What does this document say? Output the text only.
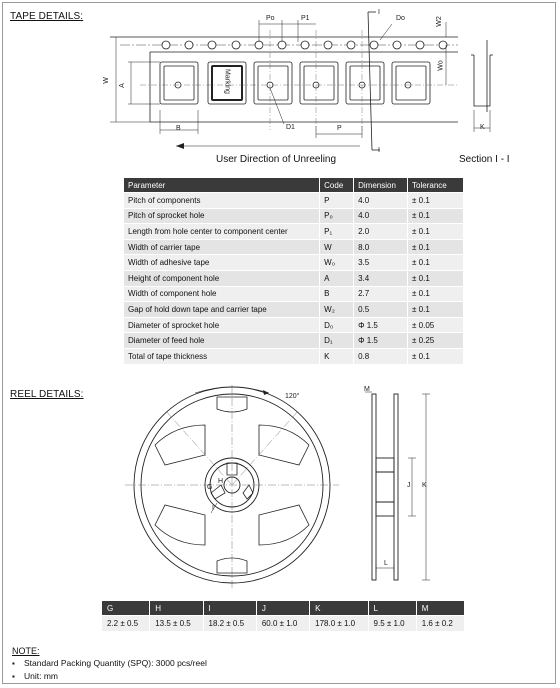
TAPE DETAILS:	Po	P1
I
Do	W2
W
A
Wo
B	D1	P
I
K
Marking
User Direction of Unreeling	Section I - I
Parameter	Code	Dimension	Tolerance
Pitch of components	P	4.0	± 0.1
Pitch of sprocket hole	P₀	4.0	± 0.1
Length from hole center to component center	P₁	2.0	± 0.1
Width of carrier tape	W	8.0	± 0.1
Width of adhesive tape	W₀	3.5	± 0.1
Height of component hole	A	3.4	± 0.1
Width of component hole	B	2.7	± 0.1
Gap of hold down tape and carrier tape	W₂	0.5	± 0.1
Diameter of sprocket hole	D₀	Φ 1.5	± 0.05
Diameter of feed hole	D₁	Φ 1.5	± 0.25
Total of tape thickness	K	0.8	± 0.1
REEL DETAILS:	120°
G
H
I
M
J K
L
G	H	I	J	K	L	M
2.2 ± 0.5	13.5 ± 0.5	18.2 ± 0.5	60.0 ± 1.0	178.0 ± 1.0	9.5 ± 1.0	1.6 ± 0.2
NOTE:
▪ Standard Packing Quantity (SPQ): 3000 pcs/reel
▪ Unit: mm
